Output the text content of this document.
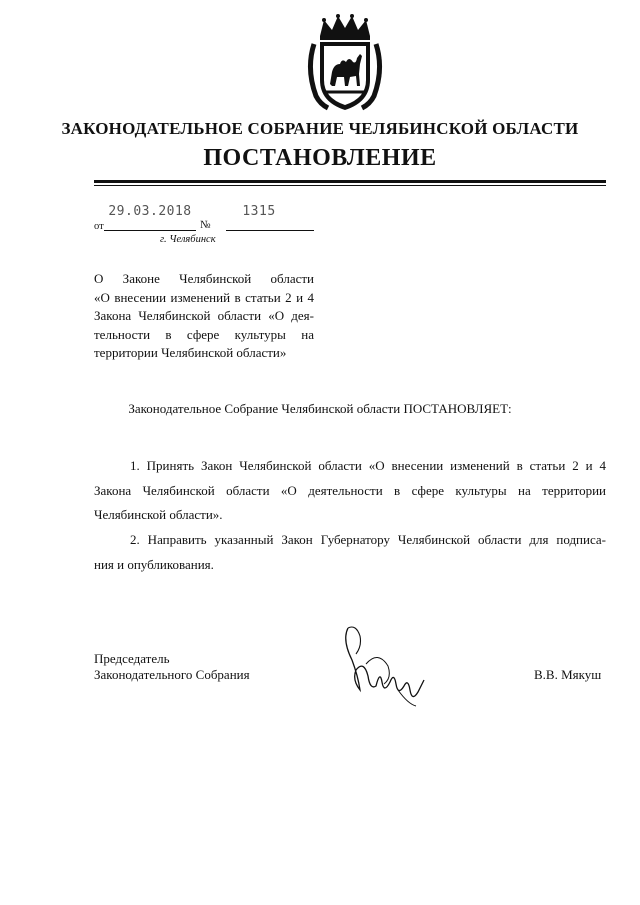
ЗАКОНОДАТЕЛЬНОЕ СОБРАНИЕ ЧЕЛЯБИНСКОЙ ОБЛАСТИ
ПОСТАНОВЛЕНИЕ
от
29.03.2018
№
1315
г. Челябинск
О Законе Челябинской области
«О внесении изменений в статьи 2 и 4
Закона Челябинской области «О дея-
тельности в сфере культуры на
территории Челябинской области»
Законодательное Собрание Челябинской области ПОСТАНОВЛЯЕТ:
1. Принять Закон Челябинской области «О внесении изменений в статьи 2 и 4
Закона Челябинской области «О деятельности в сфере культуры на территории
Челябинской области».
2. Направить указанный Закон Губернатору Челябинской области для подписа-
ния и опубликования.
Председатель
Законодательного Собрания	В.В. Мякуш
